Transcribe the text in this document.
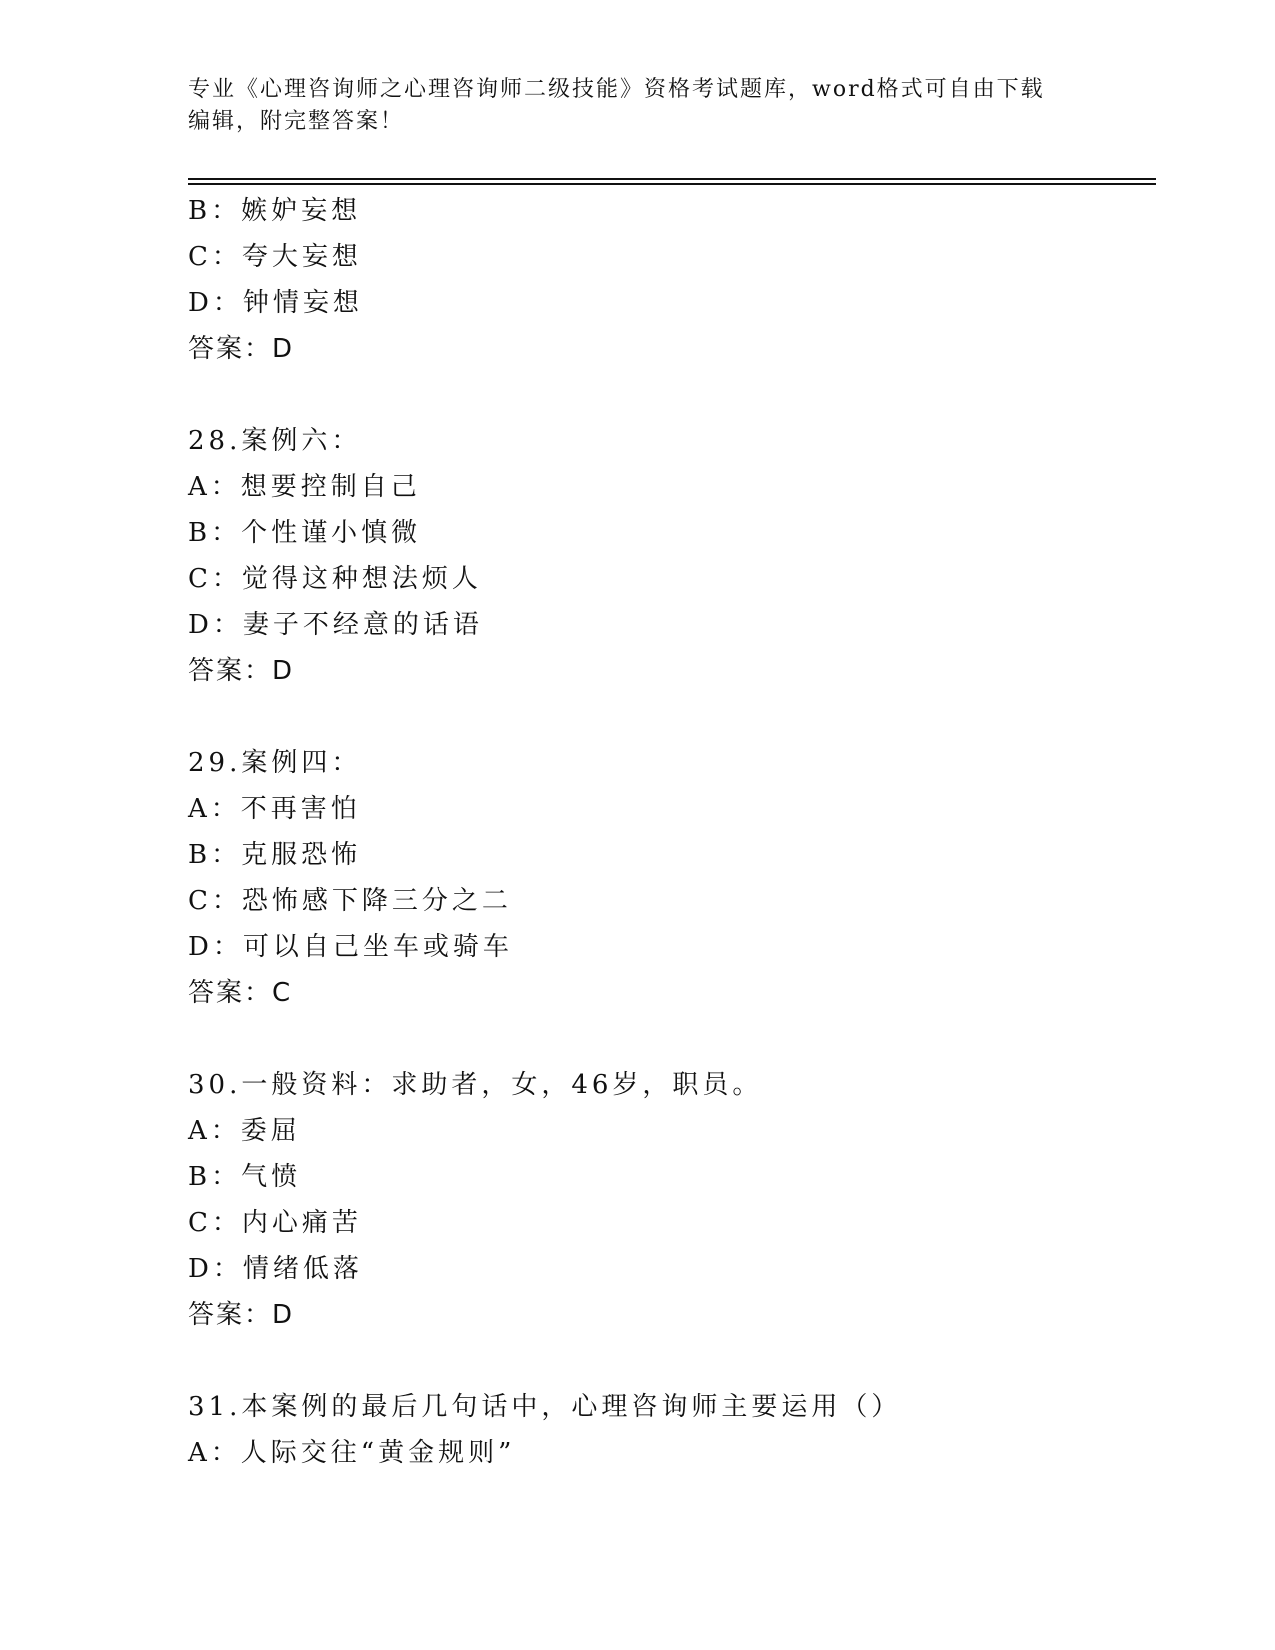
专业《心理咨询师之心理咨询师二级技能》资格考试题库，word格式可自由下载
编辑，附完整答案！
B：嫉妒妄想
C：夸大妄想
D：钟情妄想
答案：D
28.案例六：
A：想要控制自己
B：个性谨小慎微
C：觉得这种想法烦人
D：妻子不经意的话语
答案：D
29.案例四：
A：不再害怕
B：克服恐怖
C：恐怖感下降三分之二
D：可以自己坐车或骑车
答案：C
30.一般资料：求助者，女，46岁，职员。
A：委屈
B：气愤
C：内心痛苦
D：情绪低落
答案：D
31.本案例的最后几句话中，心理咨询师主要运用（）
A：人际交往“黄金规则”
